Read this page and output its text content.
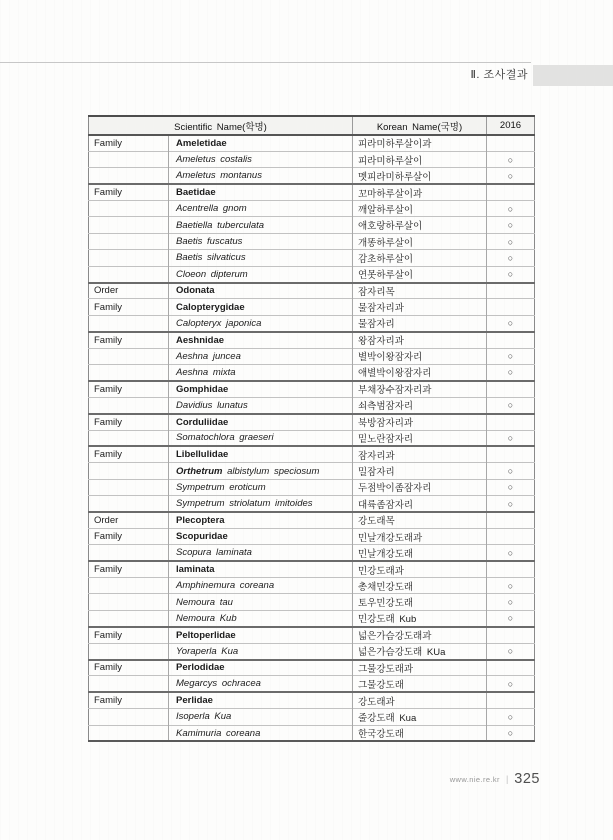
Ⅱ. 조사결과
Scientific Name(학명)		Korean Name(국명)	2016
Family	Ameletidae	피라미하루살이과	
	Ameletus costalis	피라미하루살이	○
	Ameletus montanus	멧피라미하루살이	○
Family	Baetidae	꼬마하루살이과	
	Acentrella gnom	깨알하루살이	○
	Baetiella tuberculata	애호랑하루살이	○
	Baetis fuscatus	개똥하루살이	○
	Baetis silvaticus	감초하루살이	○
	Cloeon dipterum	연못하루살이	○
Order	Odonata	잠자리목	
Family	Calopterygidae	물잠자리과	
	Calopteryx japonica	물잠자리	○
Family	Aeshnidae	왕잠자리과	
	Aeshna juncea	별박이왕잠자리	○
	Aeshna mixta	애별박이왕잠자리	○
Family	Gomphidae	부채장수잠자리과	
	Davidius lunatus	쇠측범잠자리	○
Family	Corduliidae	북방잠자리과	
	Somatochlora graeseri	밑노란잠자리	○
Family	Libellulidae	잠자리과	
	Orthetrum albistylum speciosum	밀잠자리	○
	Sympetrum eroticum	두점박이좀잠자리	○
	Sympetrum striolatum imitoides	대륙좀잠자리	○
Order	Plecoptera	강도래목	
Family	Scopuridae	민날개강도래과	
	Scopura laminata	민날개강도래	○
Family	laminata	민강도래과	
	Amphinemura coreana	총채민강도래	○
	Nemoura tau	토우민강도래	○
	Nemoura Kub	민강도래 Kub	○
Family	Peltoperlidae	넓은가슴강도래과	
	Yoraperla Kua	넓은가슴강도래 KUa	○
Family	Perlodidae	그물강도래과	
	Megarcys ochracea	그물강도래	○
Family	Perlidae	강도래과	
	Isoperla Kua	줄강도래 Kua	○
	Kamimuria coreana	한국강도래	○
www.nie.re.kr | 325
